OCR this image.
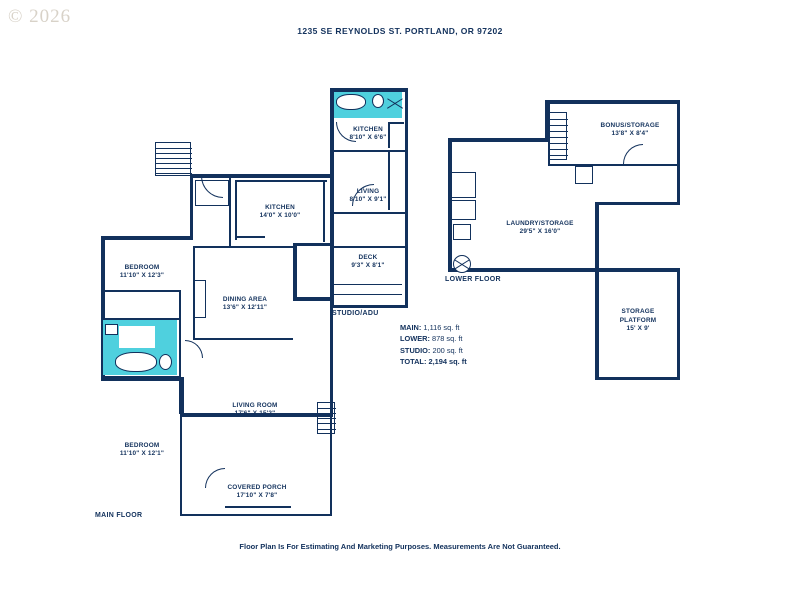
© 2026
1235 SE REYNOLDS ST. PORTLAND, OR 97202
KITCHEN
14'0" X 10'0"
BEDROOM
11'10" X 12'3"
DINING AREA
13'6" X 12'11"
LIVING ROOM
17'6" X 15'2"
BEDROOM
11'10" X 12'1"
COVERED PORCH
17'10" X 7'8"
MAIN FLOOR
KITCHEN
8'10" X 6'6"
LIVING
8'10" X 9'1"
DECK
9'3" X 8'1"
STUDIO/ADU
MAIN: 1,116 sq. ft
LOWER: 878 sq. ft
STUDIO: 200 sq. ft
TOTAL: 2,194 sq. ft
BONUS/STORAGE
13'8" X 8'4"
LAUNDRY/STORAGE
29'5" X 16'0"
STORAGE PLATFORM
15' X 9'
LOWER FLOOR
Floor Plan Is For Estimating And Marketing Purposes. Measurements Are Not Guaranteed.
